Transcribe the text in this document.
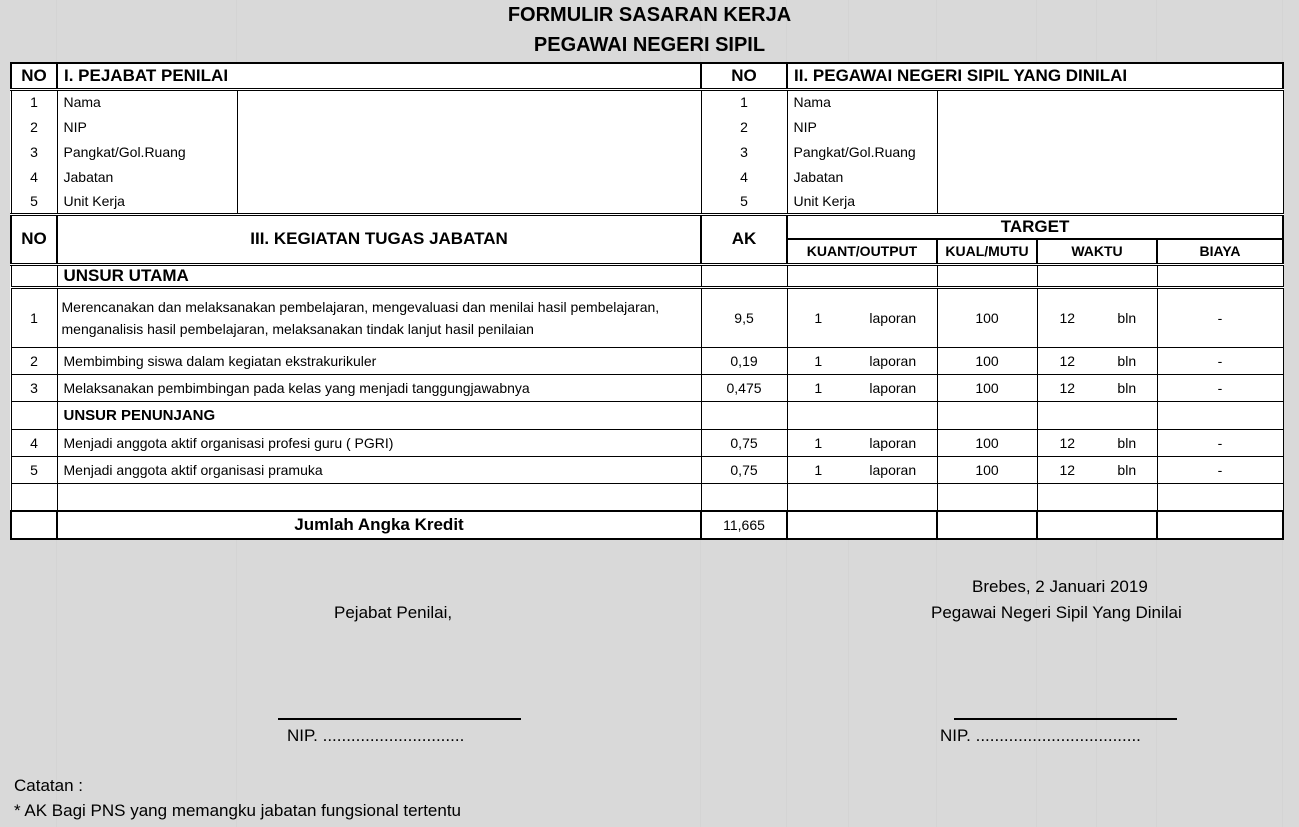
FORMULIR SASARAN KERJA
PEGAWAI NEGERI SIPIL
NO	I. PEJABAT PENILAI		NO	II. PEGAWAI NEGERI SIPIL YANG DINILAI					
1	Nama		1	Nama					
2	NIP		2	NIP					
3	Pangkat/Gol.Ruang		3	Pangkat/Gol.Ruang					
4	Jabatan		4	Jabatan					
5	Unit Kerja		5	Unit Kerja					
NO	III. KEGIATAN TUGAS JABATAN		AK	TARGET					
				KUANT/OUTPUT		KUAL/MUTU	WAKTU		BIAYA
	UNSUR UTAMA								
1	Merencanakan dan melaksanakan pembelajaran, mengevaluasi dan menilai hasil pembelajaran, menganalisis hasil pembelajaran, melaksanakan tindak lanjut hasil penilaian		9,5	1	laporan	100	12	bln	-
2	Membimbing siswa dalam kegiatan ekstrakurikuler		0,19	1	laporan	100	12	bln	-
3	Melaksanakan pembimbingan pada kelas yang menjadi tanggungjawabnya		0,475	1	laporan	100	12	bln	-
	UNSUR PENUNJANG								
4	Menjadi anggota aktif organisasi profesi guru ( PGRI)		0,75	1	laporan	100	12	bln	-
5	Menjadi anggota aktif organisasi pramuka		0,75	1	laporan	100	12	bln	-

	Jumlah Angka Kredit		11,665						
Brebes, 2 Januari 2019
Pejabat Penilai,	Pegawai Negeri Sipil Yang Dinilai
NIP. ..............................	NIP. ...................................
Catatan :
* AK Bagi PNS yang memangku jabatan fungsional tertentu
